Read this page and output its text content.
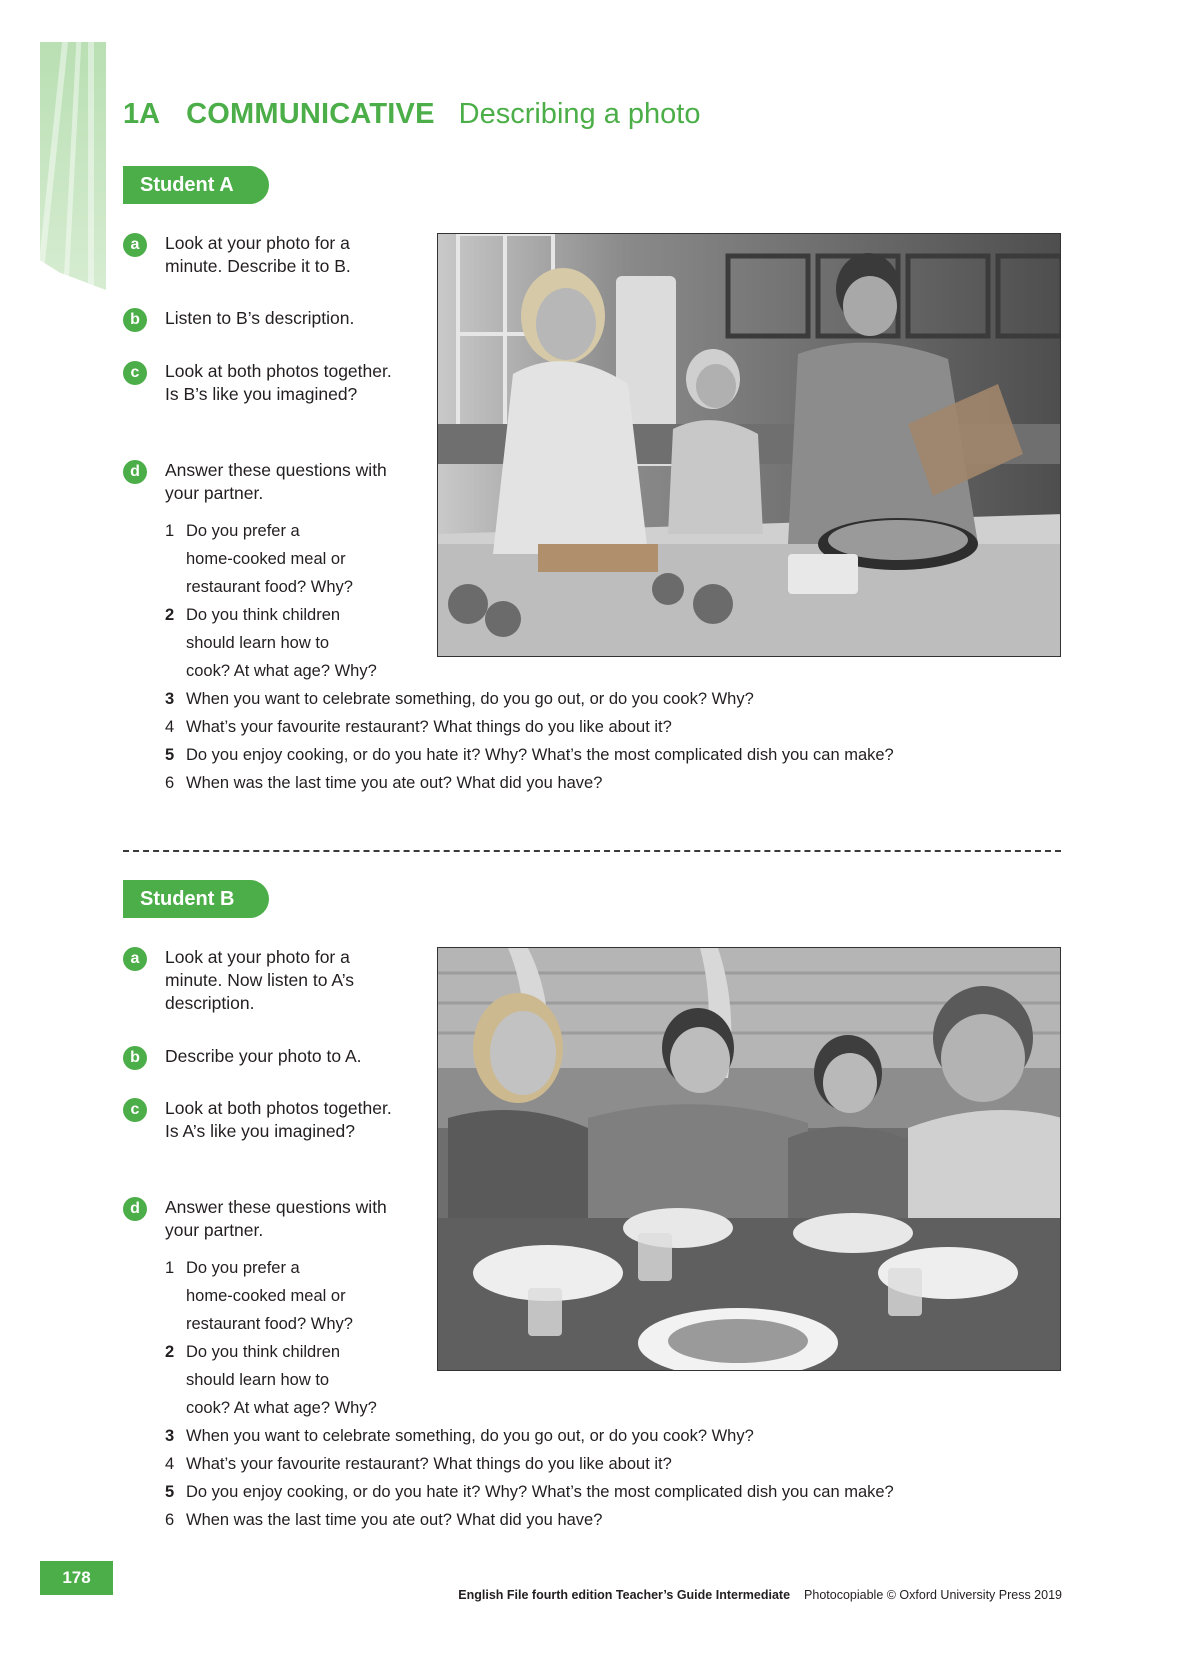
1A COMMUNICATIVE Describing a photo
Student A
a	Look at your photo for a minute. Describe it to B.
b	Listen to B’s description.
c	Look at both photos together. Is B’s like you imagined?
d	Answer these questions with your partner.
1 Do you prefer a
home-cooked meal or
restaurant food? Why?
2 Do you think children
should learn how to
cook? At what age? Why?
3 When you want to celebrate something, do you go out, or do you cook? Why?
4 What’s your favourite restaurant? What things do you like about it?
5 Do you enjoy cooking, or do you hate it? Why? What’s the most complicated dish you can make?
6 When was the last time you ate out? What did you have?
Student B
a	Look at your photo for a minute. Now listen to A’s description.
b	Describe your photo to A.
c	Look at both photos together. Is A’s like you imagined?
d	Answer these questions with your partner.
1 Do you prefer a
home-cooked meal or
restaurant food? Why?
2 Do you think children
should learn how to
cook? At what age? Why?
3 When you want to celebrate something, do you go out, or do you cook? Why?
4 What’s your favourite restaurant? What things do you like about it?
5 Do you enjoy cooking, or do you hate it? Why? What’s the most complicated dish you can make?
6 When was the last time you ate out? What did you have?
178
English File fourth edition Teacher’s Guide Intermediate Photocopiable © Oxford University Press 2019
